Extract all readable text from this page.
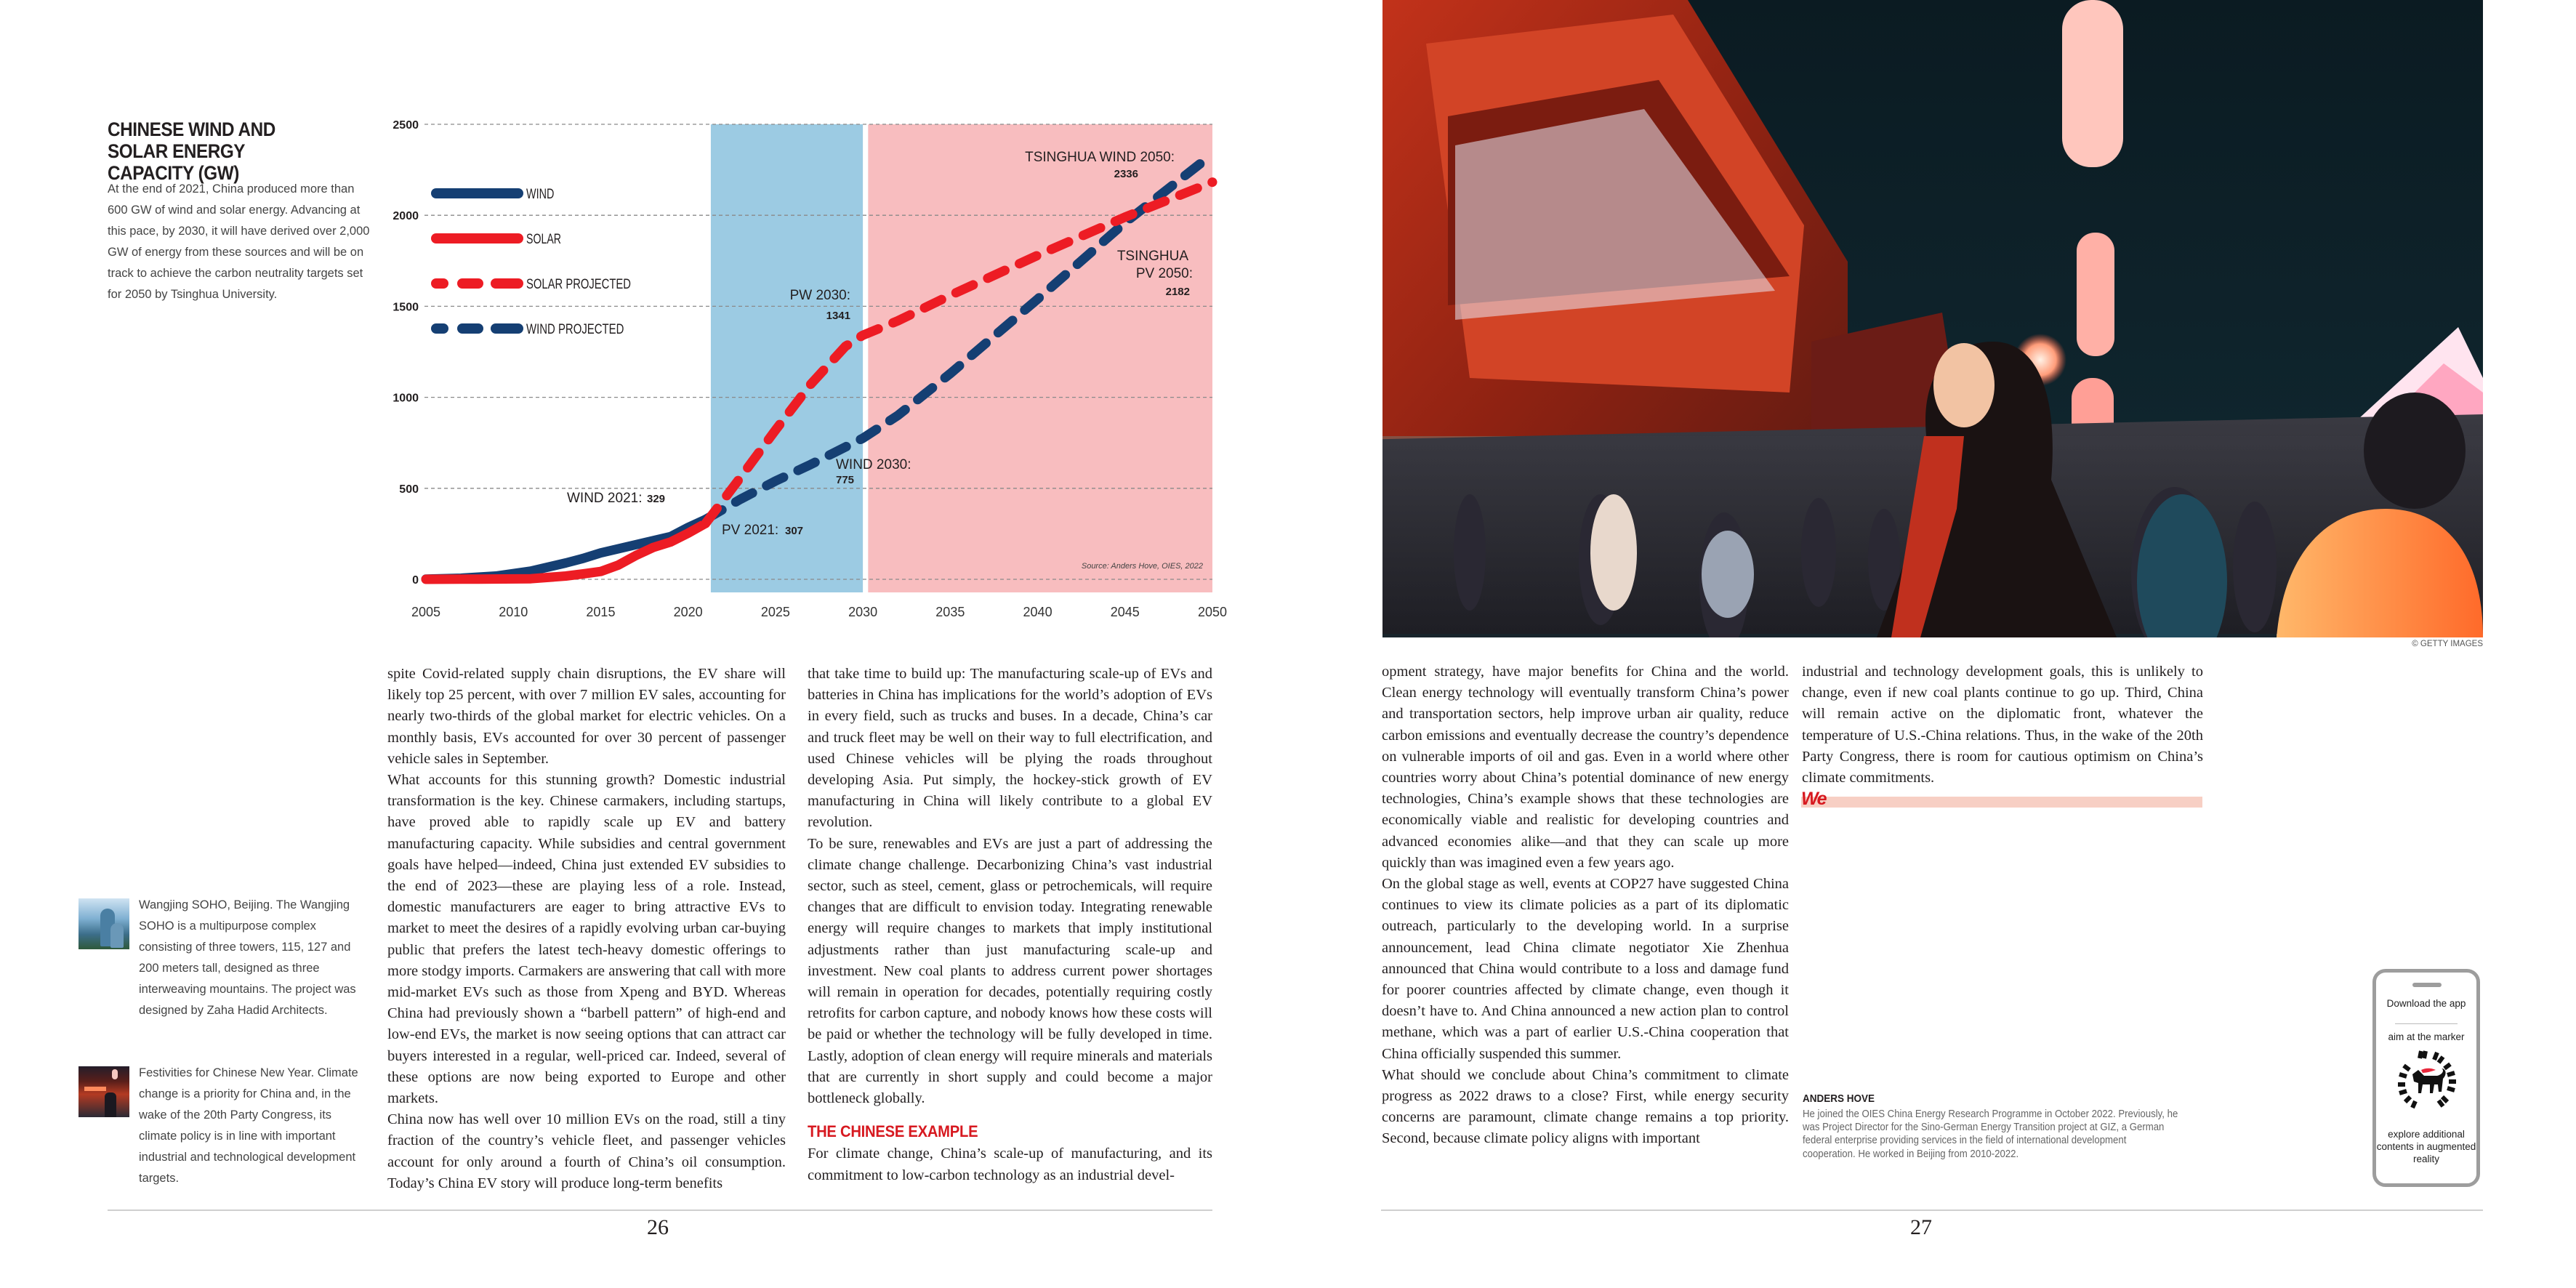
CHINESE WIND AND SOLAR ENERGY CAPACITY (GW)
At the end of 2021, China produced more than 600 GW of wind and solar energy. Advancing at this pace, by 2030, it will have derived over 2,000 GW of energy from these sources and will be on track to achieve the carbon neutrality targets set for 2050 by Tsinghua University.
0
500
1000
1500
2000
2500
2005	2010	2015	2020	2025	2030	2035	2040	2045	2050
WIND
SOLAR
SOLAR PROJECTED
WIND PROJECTED
WIND 2021: 329
PV 2021: 307
PW 2030:
1341
WIND 2030:
775
TSINGHUA WIND 2050:
2336
TSINGHUA
PV 2050:
2182
Source: Anders Hove, OIES, 2022

spite Covid-related supply chain disruptions, the EV share will likely top 25 percent, with over 7 million EV sales, accounting for nearly two-thirds of the global market for electric vehicles. On a monthly basis, EVs accounted for over 30 percent of passenger vehicle sales in September.

What accounts for this stunning growth? Domestic industrial transformation is the key. Chinese carmakers, including startups, have proved able to rapidly scale up EV and battery manufacturing capacity. While subsidies and central government goals have helped—indeed, China just extended EV subsidies to the end of 2023—these are playing less of a role. Instead, domestic manufacturers are eager to bring attractive EVs to market to meet the desires of a rapidly evolving urban car-buying public that prefers the latest tech-heavy domestic offerings to more stodgy imports. Carmakers are answering that call with more mid-market EVs such as those from Xpeng and BYD. Whereas China had previously shown a “barbell pattern” of high-end and low-end EVs, the market is now seeing options that can attract car buyers interested in a regular, well-priced car. Indeed, several of these options are now being exported to Europe and other markets.

China now has well over 10 million EVs on the road, still a tiny fraction of the country’s vehicle fleet, and passenger vehicles account for only around a fourth of China’s oil consumption. Today’s China EV story will produce long-term benefits

that take time to build up: The manufacturing scale-up of EVs and batteries in China has implications for the world’s adoption of EVs in every field, such as trucks and buses. In a decade, China’s car and truck fleet may be well on their way to full electrification, and used Chinese vehicles will be plying the roads throughout developing Asia. Put simply, the hockey-stick growth of EV manufacturing in China will likely contribute to a global EV revolution.

To be sure, renewables and EVs are just a part of addressing the climate change challenge. Decarbonizing China’s vast industrial sector, such as steel, cement, glass or petrochemicals, will require changes that are difficult to envision today. Integrating renewable energy will require changes to markets that imply institutional adjustments rather than just manufacturing scale-up and investment. New coal plants to address current power shortages will remain in operation for decades, potentially requiring costly retrofits for carbon capture, and nobody knows how these costs will be paid or whether the technology will be fully developed in time. Lastly, adoption of clean energy will require minerals and materials that are currently in short supply and could become a major bottleneck globally.

THE CHINESE EXAMPLE

For climate change, China’s scale-up of manufacturing, and its commitment to low-carbon technology as an industrial devel-

Wangjing SOHO, Beijing. The Wangjing SOHO is a multipurpose complex consisting of three towers, 115, 127 and 200 meters tall, designed as three interweaving mountains. The project was designed by Zaha Hadid Architects.
Festivities for Chinese New Year. Climate change is a priority for China and, in the wake of the 20th Party Congress, its climate policy is in line with important industrial and technological development targets.
26
© GETTY IMAGES

opment strategy, have major benefits for China and the world. Clean energy technology will eventually transform China’s power and transportation sectors, help improve urban air quality, reduce carbon emissions and eventually decrease the country’s dependence on vulnerable imports of oil and gas. Even in a world where other countries worry about China’s potential dominance of new energy technologies, China’s example shows that these technologies are economically viable and realistic for developing countries and advanced economies alike—and that they can scale up more quickly than was imagined even a few years ago.

On the global stage as well, events at COP27 have suggested China continues to view its climate policies as a part of its diplomatic outreach, particularly to the developing world. In a surprise announcement, lead China climate negotiator Xie Zhenhua announced that China would contribute to a loss and damage fund for poorer countries affected by climate change, even though it doesn’t have to. And China announced a new action plan to control methane, which was a part of earlier U.S.-China cooperation that China officially suspended this summer.

What should we conclude about China’s commitment to climate progress as 2022 draws to a close? First, while energy security concerns are paramount, climate change remains a top priority. Second, because climate policy aligns with important

industrial and technology development goals, this is unlikely to change, even if new coal plants continue to go up. Third, China will remain active on the diplomatic front, whatever the temperature of U.S.-China relations. Thus, in the wake of the 20th Party Congress, there is room for cautious optimism on China’s climate commitments.

We
ANDERS HOVE
He joined the OIES China Energy Research Programme in October 2022. Previously, he was Project Director for the Sino-German Energy Transition project at GIZ, a German federal enterprise providing services in the field of international development cooperation. He worked in Beijing from 2010-2022.
Download the app
aim at the marker
explore additional contents in augmented reality
27
